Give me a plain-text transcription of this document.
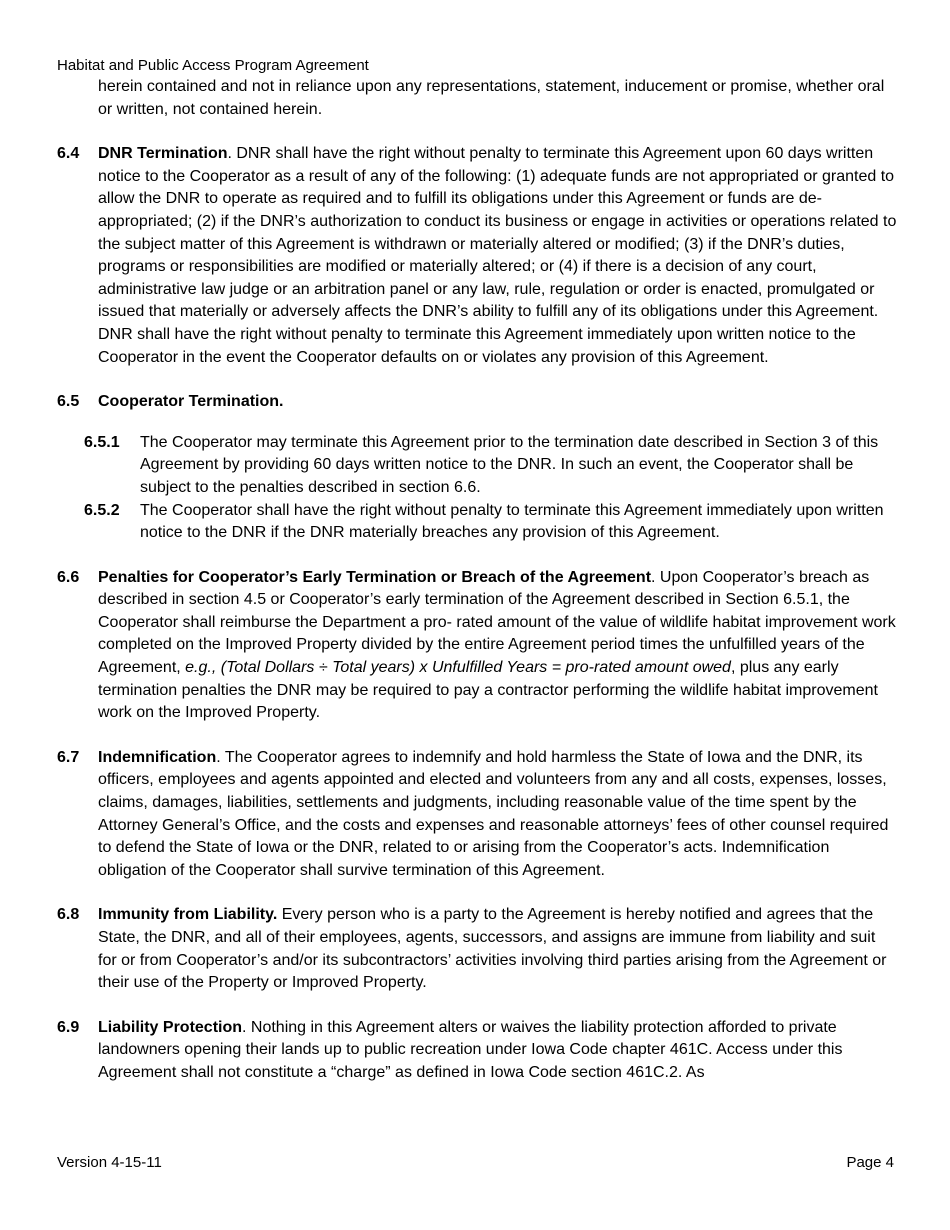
Habitat and Public Access Program Agreement

herein contained and not in reliance upon any representations, statement, inducement or promise, whether oral or written, not contained herein.

6.4	DNR Termination. DNR shall have the right without penalty to terminate this Agreement upon 60 days written notice to the Cooperator as a result of any of the following: (1) adequate funds are not appropriated or granted to allow the DNR to operate as required and to fulfill its obligations under this Agreement or funds are de-appropriated; (2) if the DNR’s authorization to conduct its business or engage in activities or operations related to the subject matter of this Agreement is withdrawn or materially altered or modified; (3) if the DNR’s duties, programs or responsibilities are modified or materially altered; or (4) if there is a decision of any court, administrative law judge or an arbitration panel or any law, rule, regulation or order is enacted, promulgated or issued that materially or adversely affects the DNR’s ability to fulfill any of its obligations under this Agreement. DNR shall have the right without penalty to terminate this Agreement immediately upon written notice to the Cooperator in the event the Cooperator defaults on or violates any provision of this Agreement.

6.5	Cooperator Termination.

6.5.1	The Cooperator may terminate this Agreement prior to the termination date described in Section 3 of this Agreement by providing 60 days written notice to the DNR. In such an event, the Cooperator shall be subject to the penalties described in section 6.6.

6.5.2	The Cooperator shall have the right without penalty to terminate this Agreement immediately upon written notice to the DNR if the DNR materially breaches any provision of this Agreement.

6.6	Penalties for Cooperator’s Early Termination or Breach of the Agreement. Upon Cooperator’s breach as described in section 4.5 or Cooperator’s early termination of the Agreement described in Section 6.5.1, the Cooperator shall reimburse the Department a pro- rated amount of the value of wildlife habitat improvement work completed on the Improved Property divided by the entire Agreement period times the unfulfilled years of the Agreement, e.g., (Total Dollars ÷ Total years) x Unfulfilled Years = pro-rated amount owed, plus any early termination penalties the DNR may be required to pay a contractor performing the wildlife habitat improvement work on the Improved Property.

6.7	Indemnification. The Cooperator agrees to indemnify and hold harmless the State of Iowa and the DNR, its officers, employees and agents appointed and elected and volunteers from any and all costs, expenses, losses, claims, damages, liabilities, settlements and judgments, including reasonable value of the time spent by the Attorney General’s Office, and the costs and expenses and reasonable attorneys’ fees of other counsel required to defend the State of Iowa or the DNR, related to or arising from the Cooperator’s acts. Indemnification obligation of the Cooperator shall survive termination of this Agreement.

6.8	Immunity from Liability. Every person who is a party to the Agreement is hereby notified and agrees that the State, the DNR, and all of their employees, agents, successors, and assigns are immune from liability and suit for or from Cooperator’s and/or its subcontractors’ activities involving third parties arising from the Agreement or their use of the Property or Improved Property.

6.9	Liability Protection. Nothing in this Agreement alters or waives the liability protection afforded to private landowners opening their lands up to public recreation under Iowa Code chapter 461C. Access under this Agreement shall not constitute a “charge” as defined in Iowa Code section 461C.2. As

Version 4-15-11	Page 4
